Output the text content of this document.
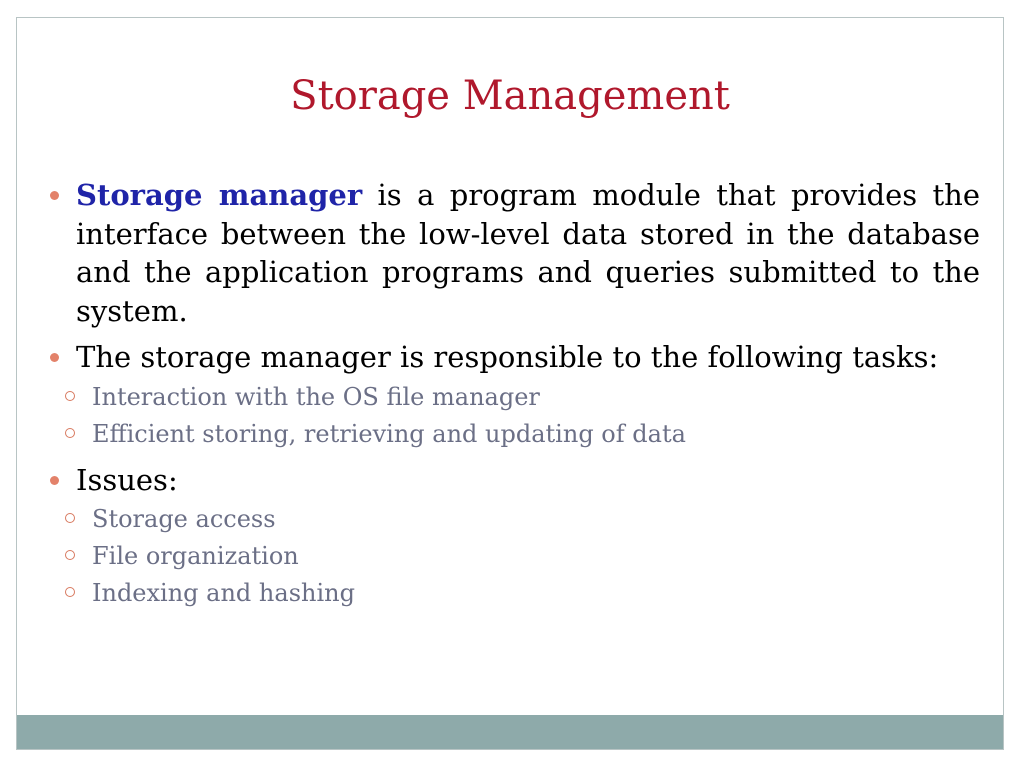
Storage Management
Storage manager is a program module that provides the interface between the low-level data stored in the database and the application programs and queries submitted to the system.
The storage manager is responsible to the following tasks:
Interaction with the OS file manager
Efficient storing, retrieving and updating of data
Issues:
Storage access
File organization
Indexing and hashing
